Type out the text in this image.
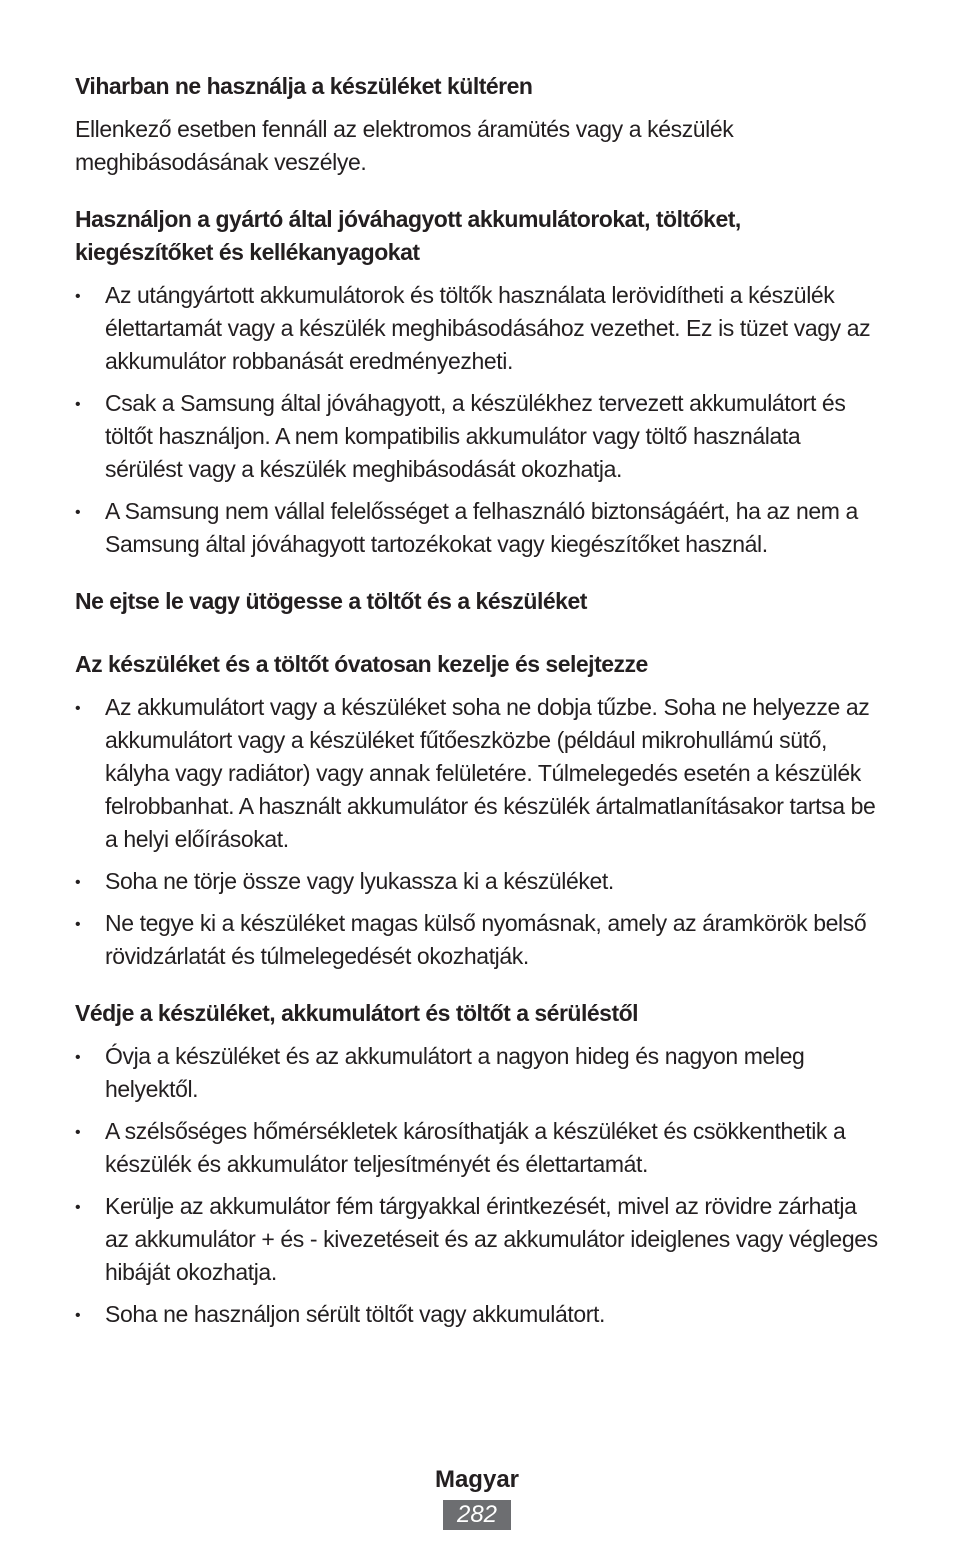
Viharban ne használja a készüléket kültéren

Ellenkező esetben fennáll az elektromos áramütés vagy a készülék meghibásodásának veszélye.

Használjon a gyártó által jóváhagyott akkumulátorokat, töltőket, kiegészítőket és kellékanyagokat

• Az utángyártott akkumulátorok és töltők használata lerövidítheti a készülék élettartamát vagy a készülék meghibásodásához vezethet. Ez is tüzet vagy az akkumulátor robbanását eredményezheti.
• Csak a Samsung által jóváhagyott, a készülékhez tervezett akkumulátort és töltőt használjon. A nem kompatibilis akkumulátor vagy töltő használata sérülést vagy a készülék meghibásodását okozhatja.
• A Samsung nem vállal felelősséget a felhasználó biztonságáért, ha az nem a Samsung által jóváhagyott tartozékokat vagy kiegészítőket használ.

Ne ejtse le vagy ütögesse a töltőt és a készüléket

Az készüléket és a töltőt óvatosan kezelje és selejtezze

• Az akkumulátort vagy a készüléket soha ne dobja tűzbe. Soha ne helyezze az akkumulátort vagy a készüléket fűtőeszközbe (például mikrohullámú sütő, kályha vagy radiátor) vagy annak felületére. Túlmelegedés esetén a készülék felrobbanhat. A használt akkumulátor és készülék ártalmatlanításakor tartsa be a helyi előírásokat.
• Soha ne törje össze vagy lyukassza ki a készüléket.
• Ne tegye ki a készüléket magas külső nyomásnak, amely az áramkörök belső rövidzárlatát és túlmelegedését okozhatják.

Védje a készüléket, akkumulátort és töltőt a sérüléstől

• Óvja a készüléket és az akkumulátort a nagyon hideg és nagyon meleg helyektől.
• A szélsőséges hőmérsékletek károsíthatják a készüléket és csökkenthetik a készülék és akkumulátor teljesítményét és élettartamát.
• Kerülje az akkumulátor fém tárgyakkal érintkezését, mivel az rövidre zárhatja az akkumulátor + és - kivezetéseit és az akkumulátor ideiglenes vagy végleges hibáját okozhatja.
• Soha ne használjon sérült töltőt vagy akkumulátort.
Magyar
282
